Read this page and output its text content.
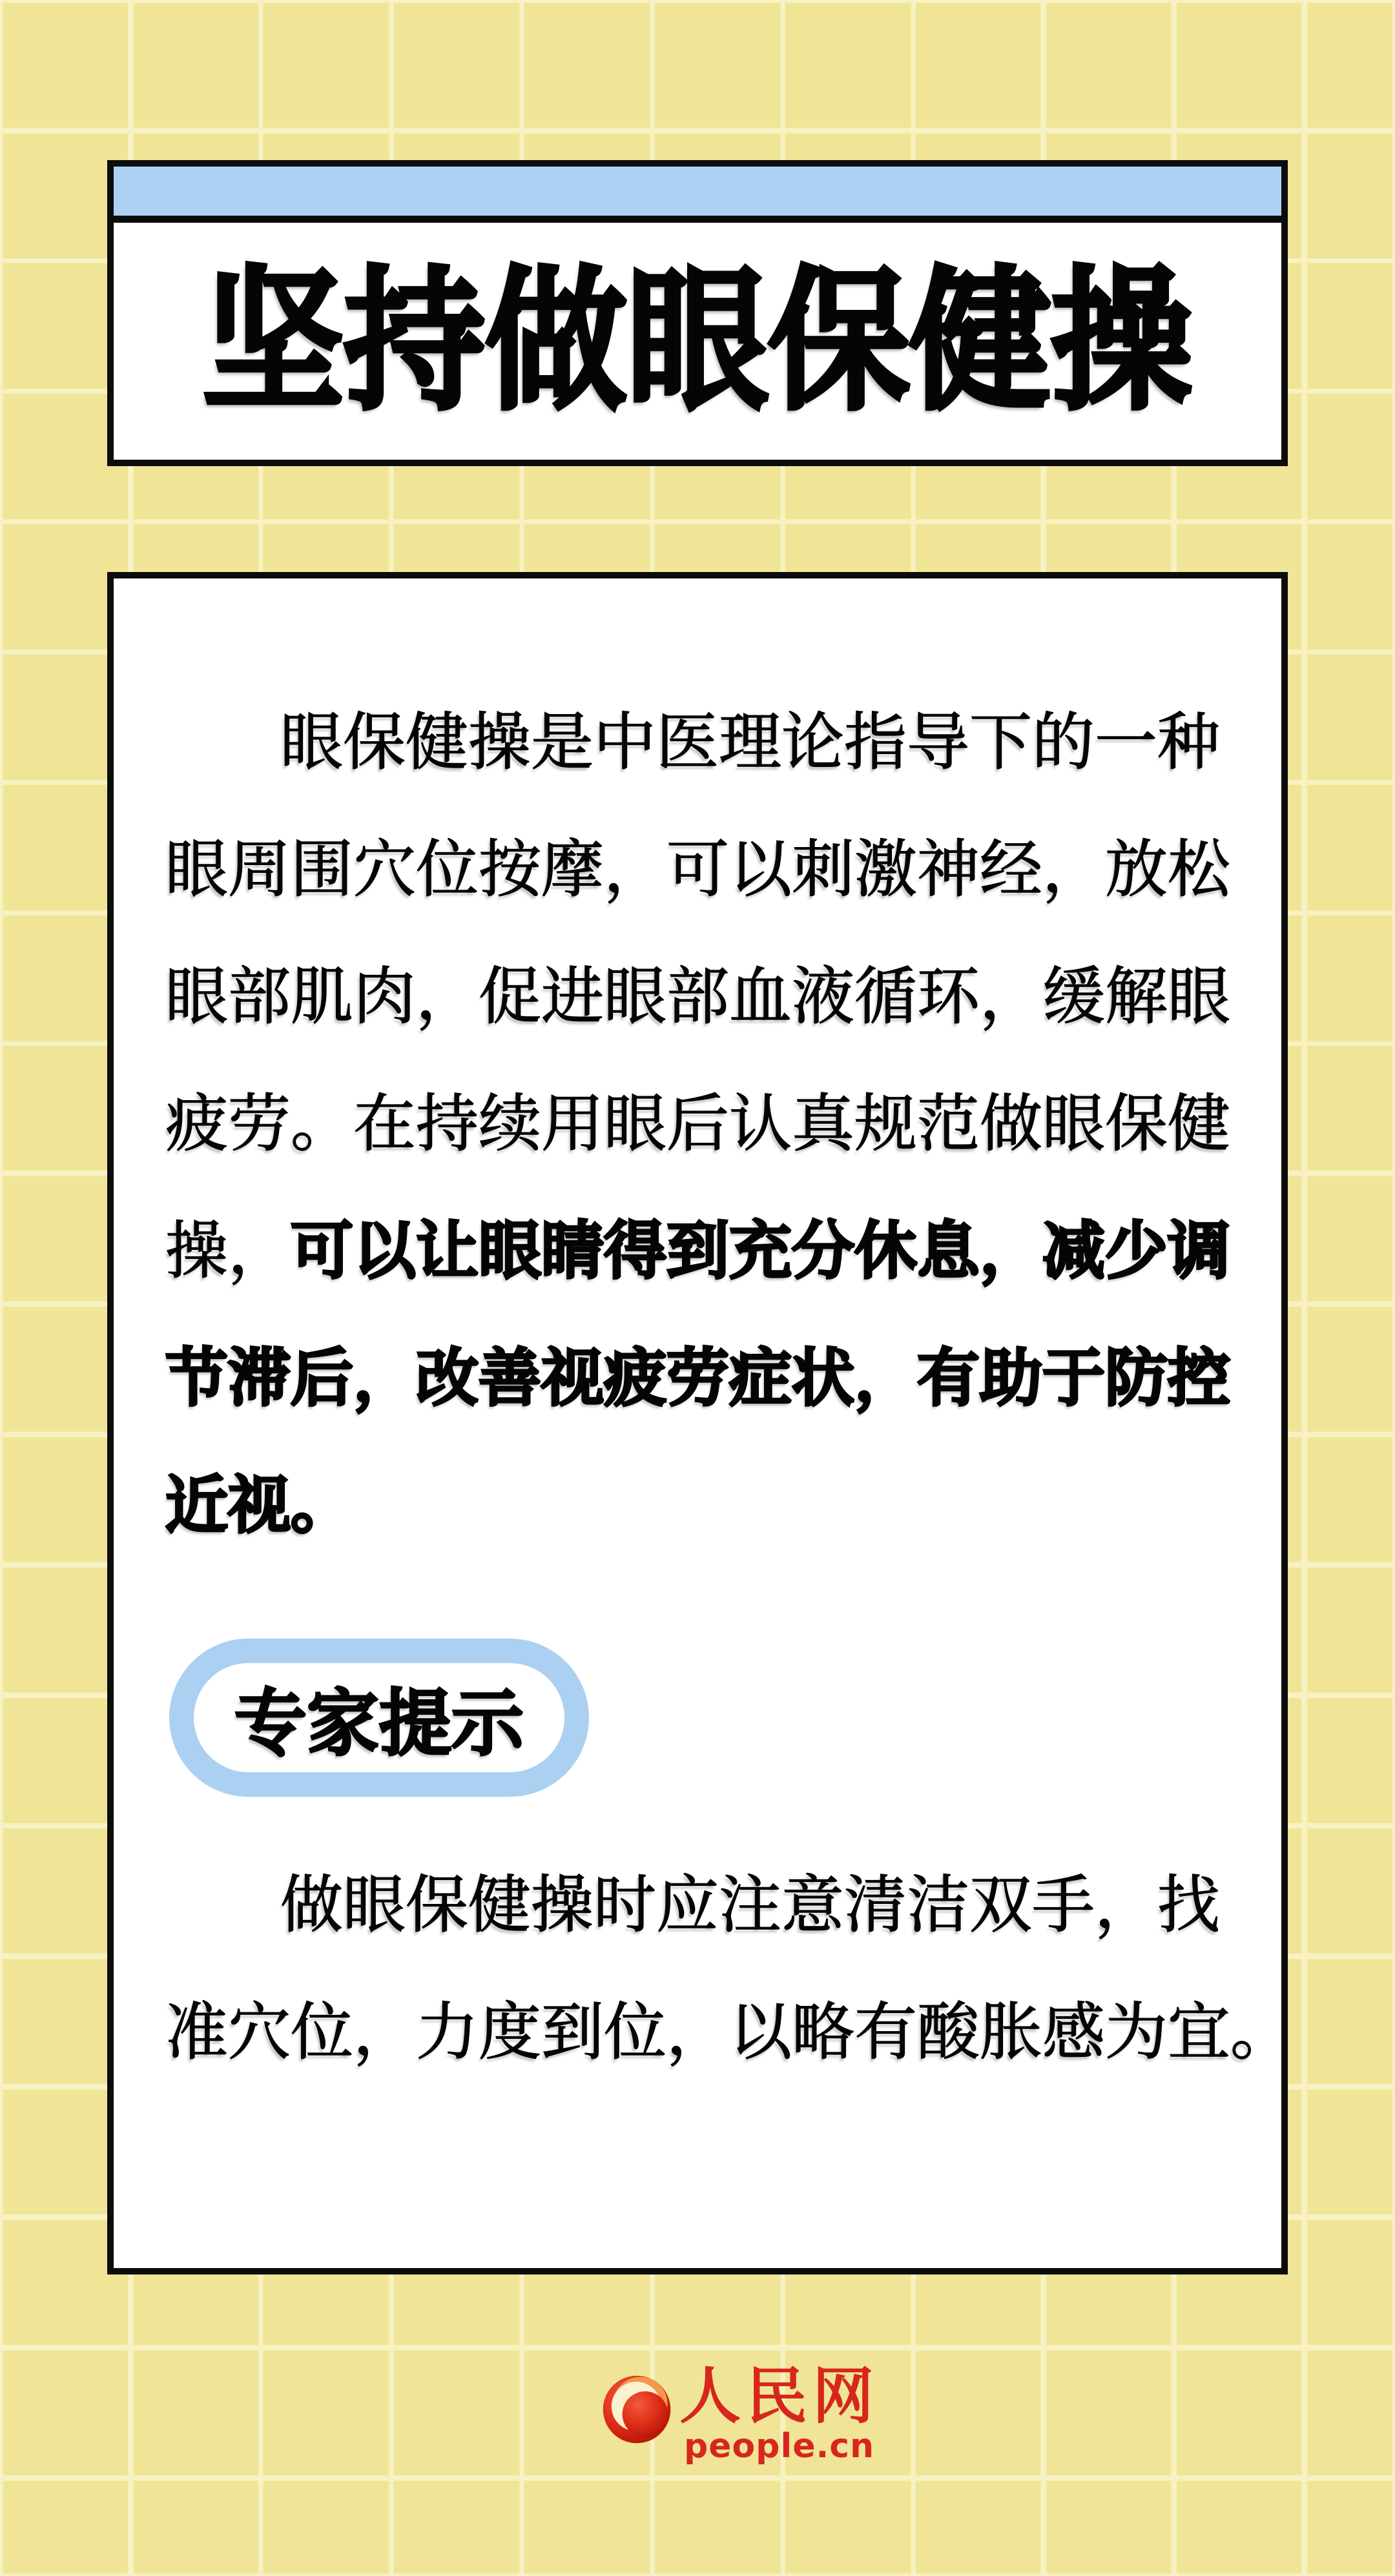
坚持做眼保健操
眼保健操是中医理论指导下的一种
眼周围穴位按摩，可以刺激神经，放松
眼部肌肉，促进眼部血液循环，缓解眼
疲劳。在持续用眼后认真规范做眼保健
操，可以让眼睛得到充分休息，减少调
节滞后，改善视疲劳症状，有助于防控
近视。
专家提示
做眼保健操时应注意清洁双手，找
准穴位，力度到位，以略有酸胀感为宜。
人民网
people.cn
